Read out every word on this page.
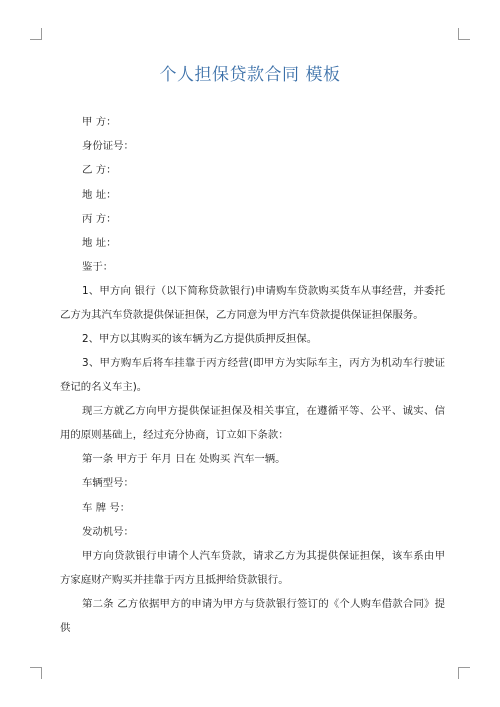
个人担保贷款合同 模板

甲 方：

身份证号：

乙 方：

地 址：

丙 方：

地 址：

鉴于：

1、甲方向 银行（以下简称贷款银行)申请购车贷款购买货车从事经营，并委托乙方为其汽车贷款提供保证担保，乙方同意为甲方汽车贷款提供保证担保服务。

2、甲方以其购买的该车辆为乙方提供质押反担保。

3、甲方购车后将车挂靠于丙方经营(即甲方为实际车主，丙方为机动车行驶证登记的名义车主)。

现三方就乙方向甲方提供保证担保及相关事宜，在遵循平等、公平、诚实、信用的原则基础上，经过充分协商，订立如下条款：

第一条 甲方于 年月 日在 处购买 汽车一辆。

车辆型号：

车 牌 号：

发动机号：

甲方向贷款银行申请个人汽车贷款，请求乙方为其提供保证担保，该车系由甲方家庭财产购买并挂靠于丙方且抵押给贷款银行。

第二条 乙方依据甲方的申请为甲方与贷款银行签订的《个人购车借款合同》提供
